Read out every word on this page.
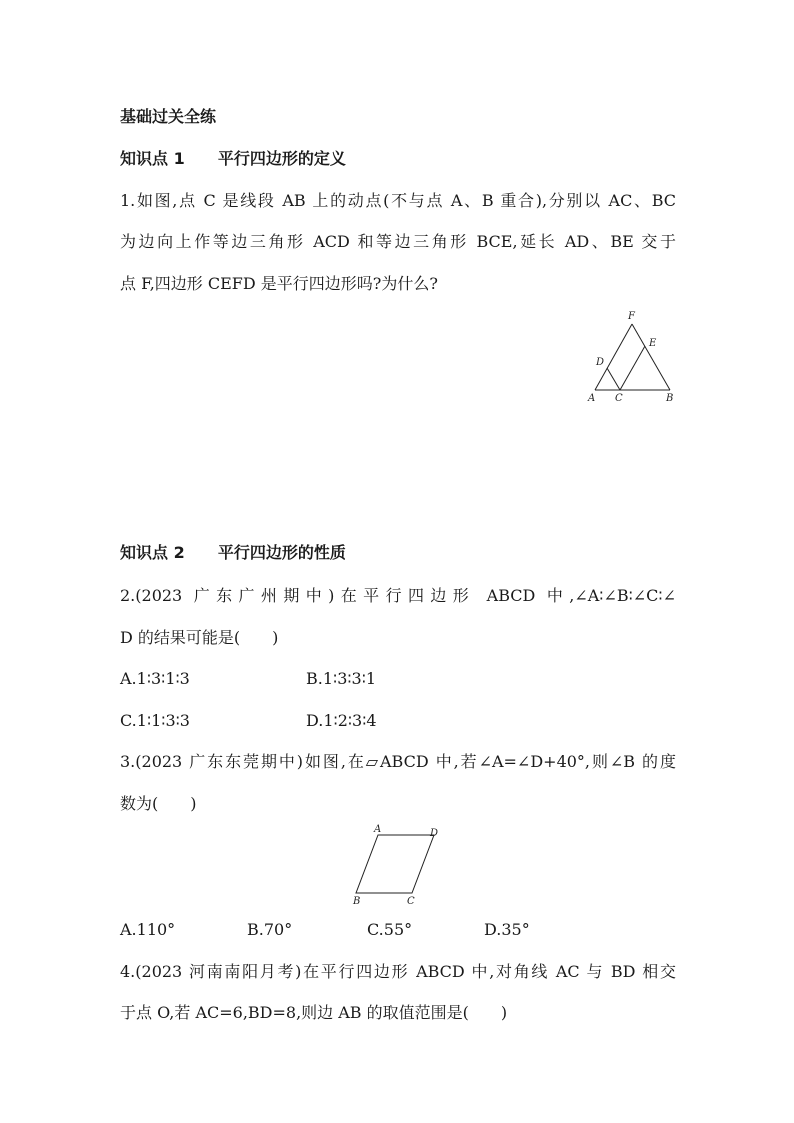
基础过关全练
知识点 1 平行四边形的定义
1.如图,点 C 是线段 AB 上的动点(不与点 A、B 重合),分别以 AC、BC
为边向上作等边三角形 ACD 和等边三角形 BCE,延长 AD、BE 交于
点 F,四边形 CEFD 是平行四边形吗?为什么?
F
E
D
A C	B
知识点 2 平行四边形的性质
2.(2023 广东广州期中)在平行四边形 ABCD 中,∠A∶∠B∶∠C∶∠
D 的结果可能是(　　)
A.1∶3∶1∶3	B.1∶3∶3∶1
C.1∶1∶3∶3	D.1∶2∶3∶4
3.(2023 广东东莞期中)如图,在▱ABCD 中,若∠A=∠D+40°,则∠B 的度
数为(　　)
A	D
B	C
A.110°	B.70°	C.55°	D.35°
4.(2023 河南南阳月考)在平行四边形 ABCD 中,对角线 AC 与 BD 相交
于点 O,若 AC=6,BD=8,则边 AB 的取值范围是(　　)
